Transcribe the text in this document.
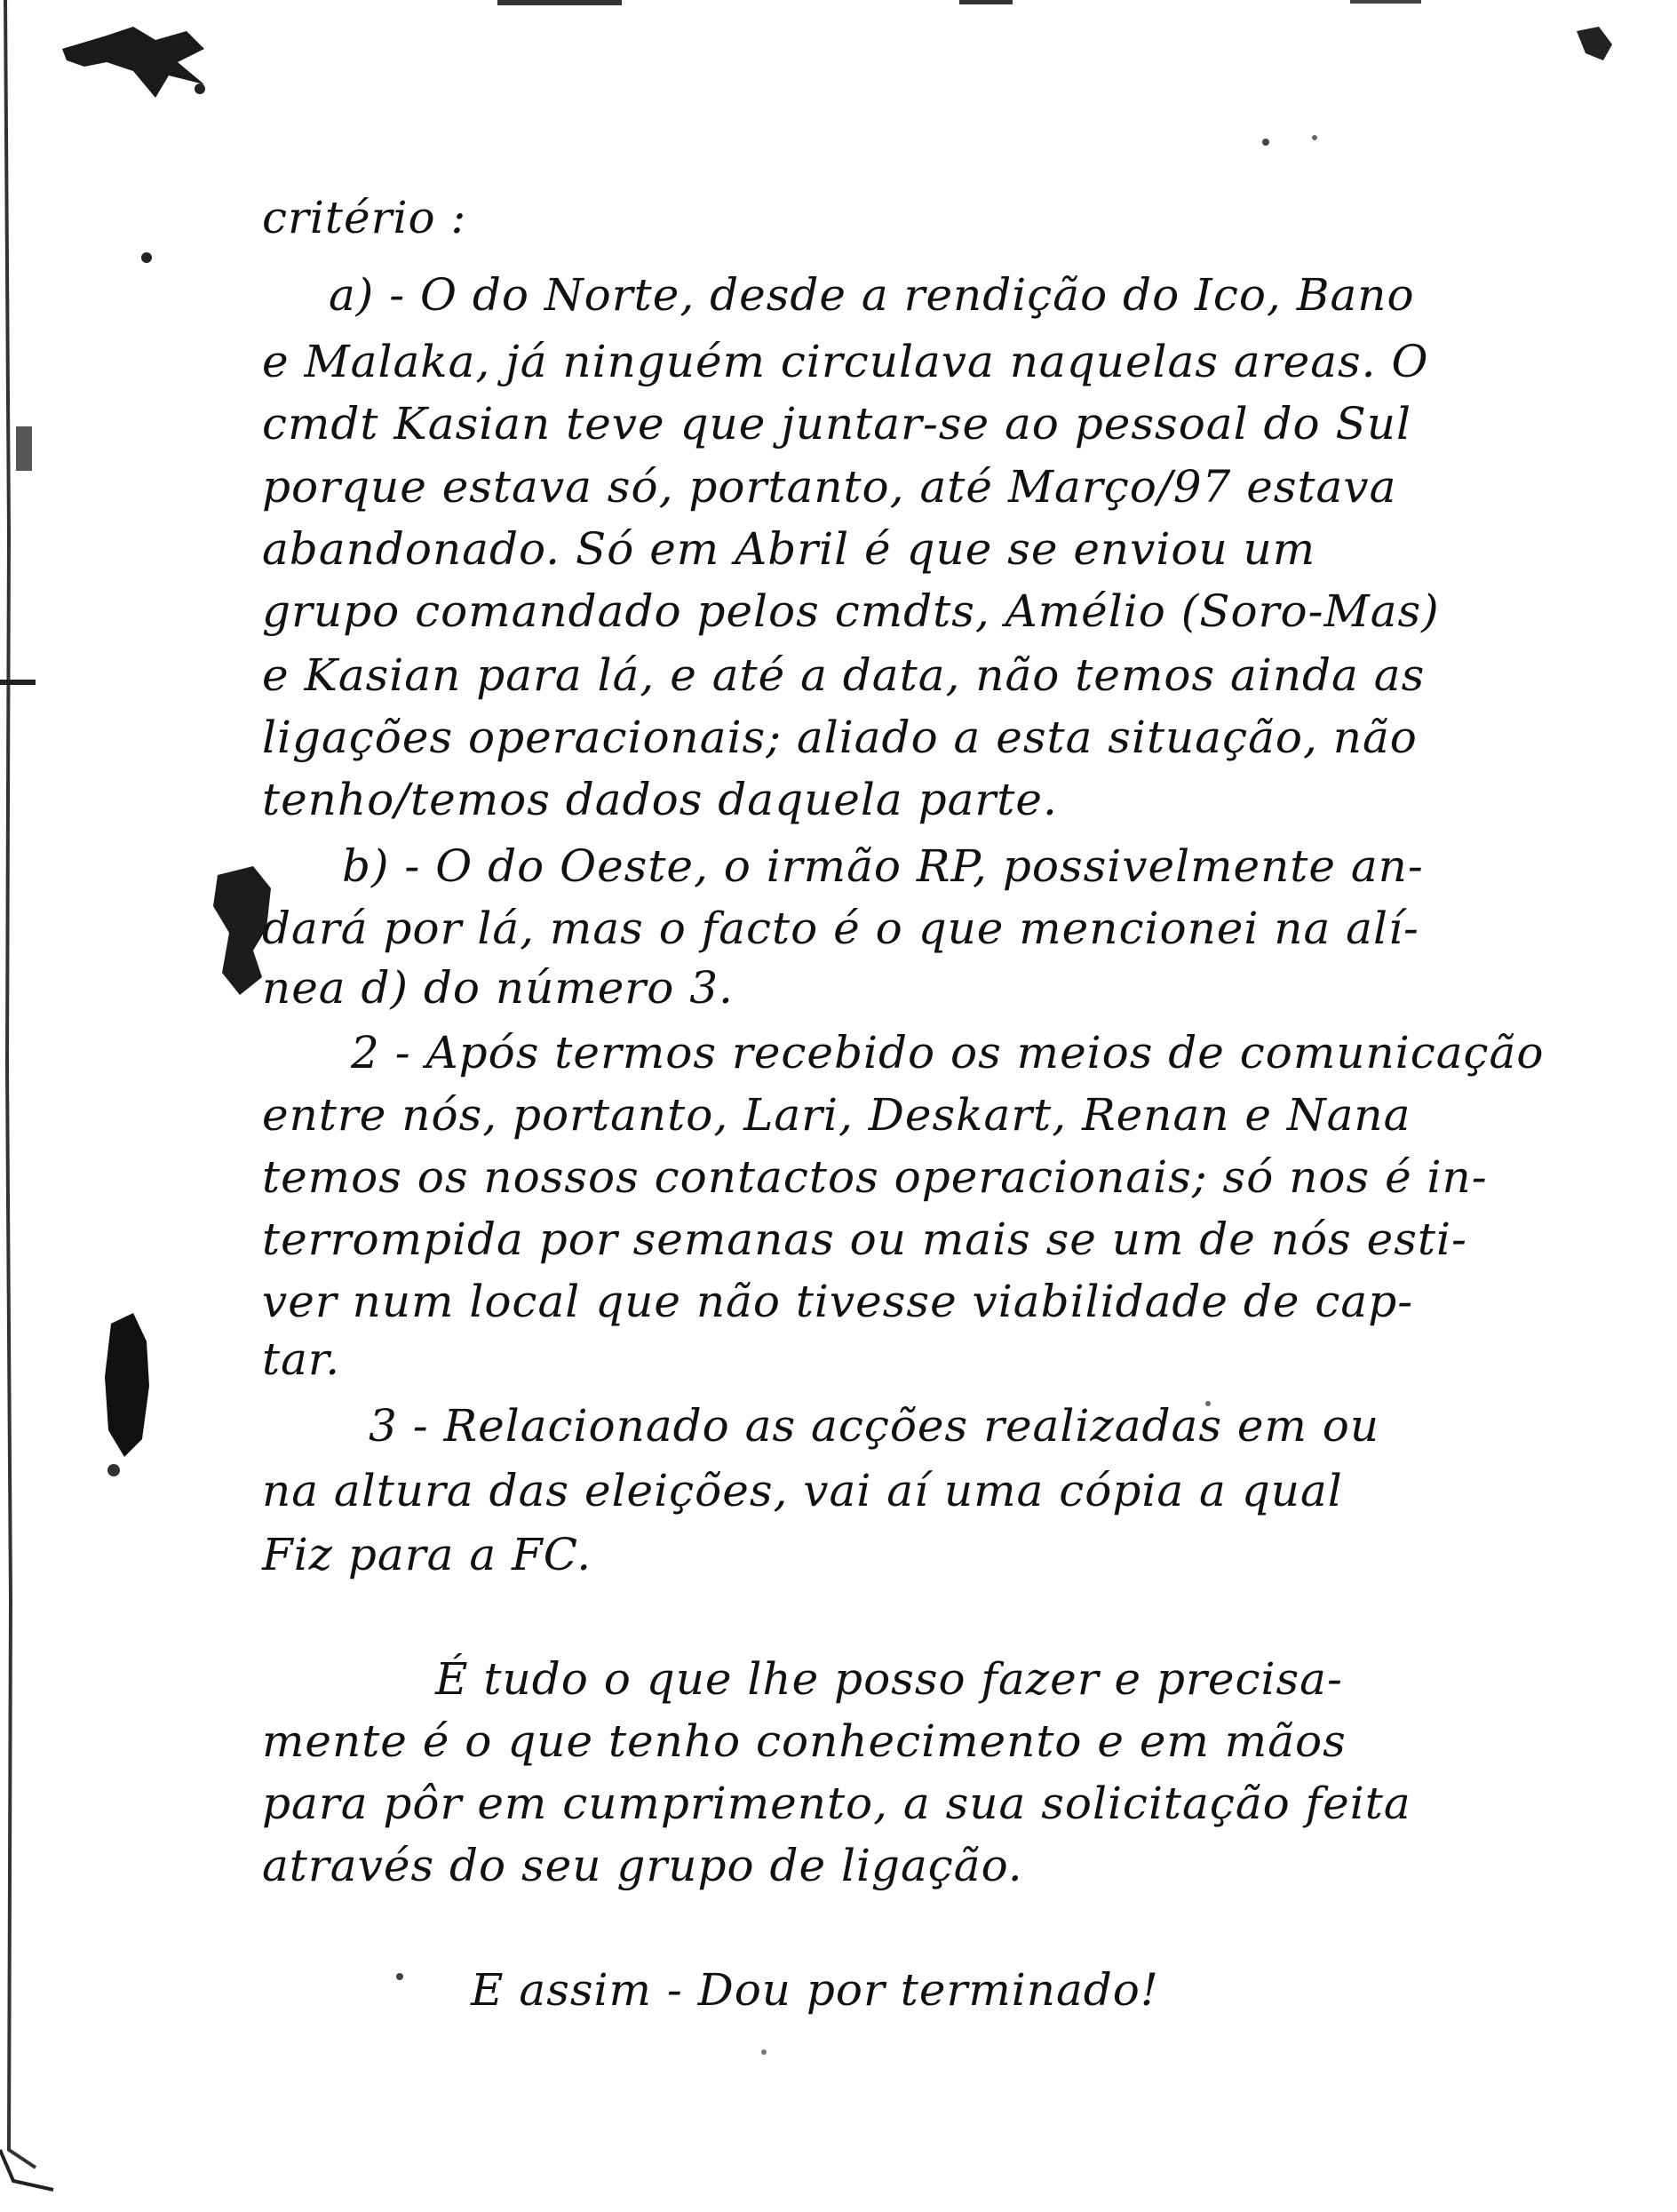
critério :

a) - O do Norte, desde a rendição do Ico, Bano

e Malaka, já ninguém circulava naquelas areas. O

cmdt Kasian teve que juntar-se ao pessoal do Sul

porque estava só, portanto, até Março/97 estava

abandonado. Só em Abril é que se enviou um

grupo comandado pelos cmdts, Amélio (Soro-Mas)

e Kasian para lá, e até a data, não temos ainda as

ligações operacionais; aliado a esta situação, não

tenho/temos dados daquela parte.

b) - O do Oeste, o irmão RP, possivelmente an-

dará por lá, mas o facto é o que mencionei na alí-

nea d) do número 3.

2 - Após termos recebido os meios de comunicação

entre nós, portanto, Lari, Deskart, Renan e Nana

temos os nossos contactos operacionais; só nos é in-

terrompida por semanas ou mais se um de nós esti-

ver num local que não tivesse viabilidade de cap-

tar.

3 - Relacionado as acções realizadas em ou

na altura das eleições, vai aí uma cópia a qual

Fiz para a FC.

É tudo o que lhe posso fazer e precisa-

mente é o que tenho conhecimento e em mãos

para pôr em cumprimento, a sua solicitação feita

através do seu grupo de ligação.

E assim - Dou por terminado!
